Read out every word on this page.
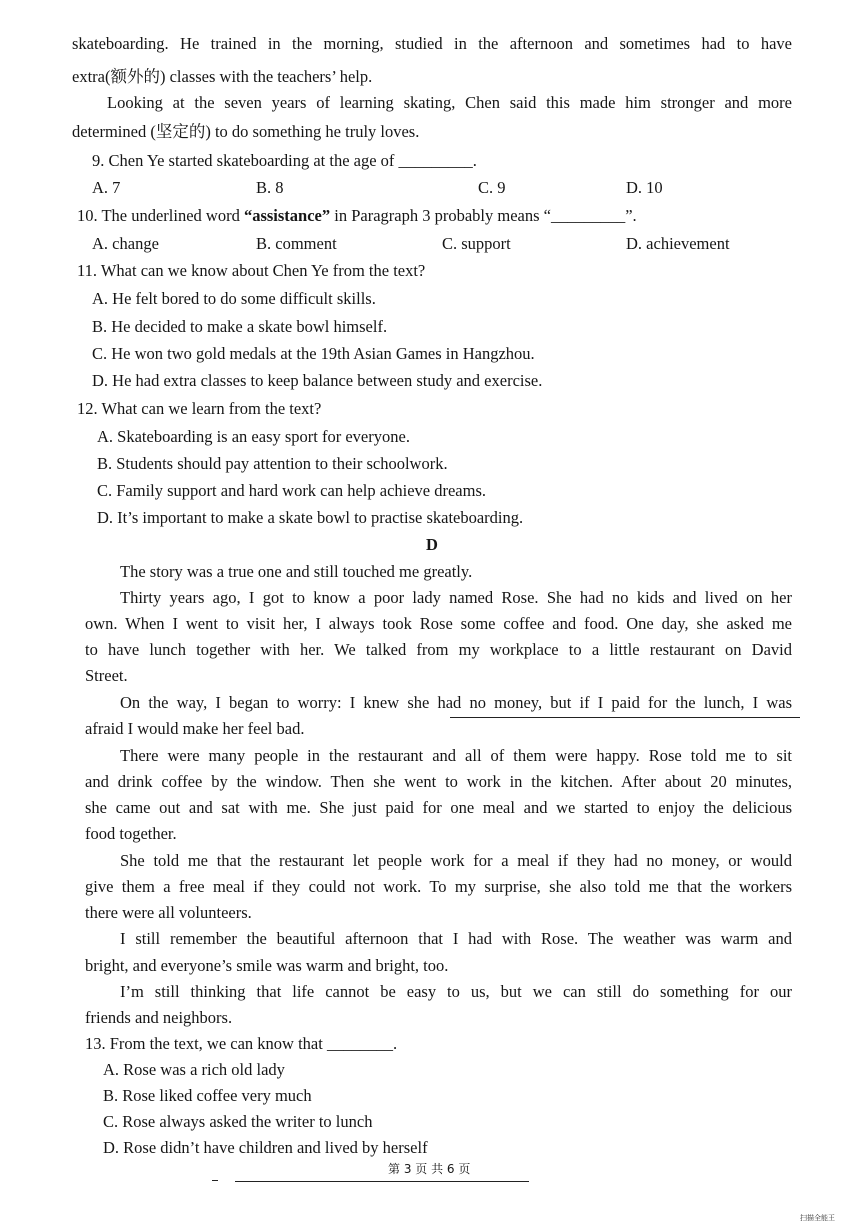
skateboarding. He trained in the morning, studied in the afternoon and sometimes had to have
extra(额外的) classes with the teachers’ help.
Looking at the seven years of learning skating, Chen said this made him stronger and more
determined (坚定的) to do something he truly loves.
9. Chen Ye started skateboarding at the age of _________.
A. 7	B. 8	C. 9	D. 10
10. The underlined word “assistance” in Paragraph 3 probably means “_________”.
A. change	B. comment	C. support	D. achievement
11. What can we know about Chen Ye from the text?
A. He felt bored to do some difficult skills.
B. He decided to make a skate bowl himself.
C. He won two gold medals at the 19th Asian Games in Hangzhou.
D. He had extra classes to keep balance between study and exercise.
12. What can we learn from the text?
A. Skateboarding is an easy sport for everyone.
B. Students should pay attention to their schoolwork.
C. Family support and hard work can help achieve dreams.
D. It’s important to make a skate bowl to practise skateboarding.
D
The story was a true one and still touched me greatly.
Thirty years ago, I got to know a poor lady named Rose. She had no kids and lived on her
own. When I went to visit her, I always took Rose some coffee and food. One day, she asked me
to have lunch together with her. We talked from my workplace to a little restaurant on David
Street.
On the way, I began to worry: I knew she had no money, but if I paid for the lunch, I was
afraid I would make her feel bad.
There were many people in the restaurant and all of them were happy. Rose told me to sit
and drink coffee by the window. Then she went to work in the kitchen. After about 20 minutes,
she came out and sat with me. She just paid for one meal and we started to enjoy the delicious
food together.
She told me that the restaurant let people work for a meal if they had no money, or would
give them a free meal if they could not work. To my surprise, she also told me that the workers
there were all volunteers.
I still remember the beautiful afternoon that I had with Rose. The weather was warm and
bright, and everyone’s smile was warm and bright, too.
I’m still thinking that life cannot be easy to us, but we can still do something for our
friends and neighbors.
13. From the text, we can know that ________.
A. Rose was a rich old lady
B. Rose liked coffee very much
C. Rose always asked the writer to lunch
D. Rose didn’t have children and lived by herself
第 3 页 共 6 页
扫描全能王
